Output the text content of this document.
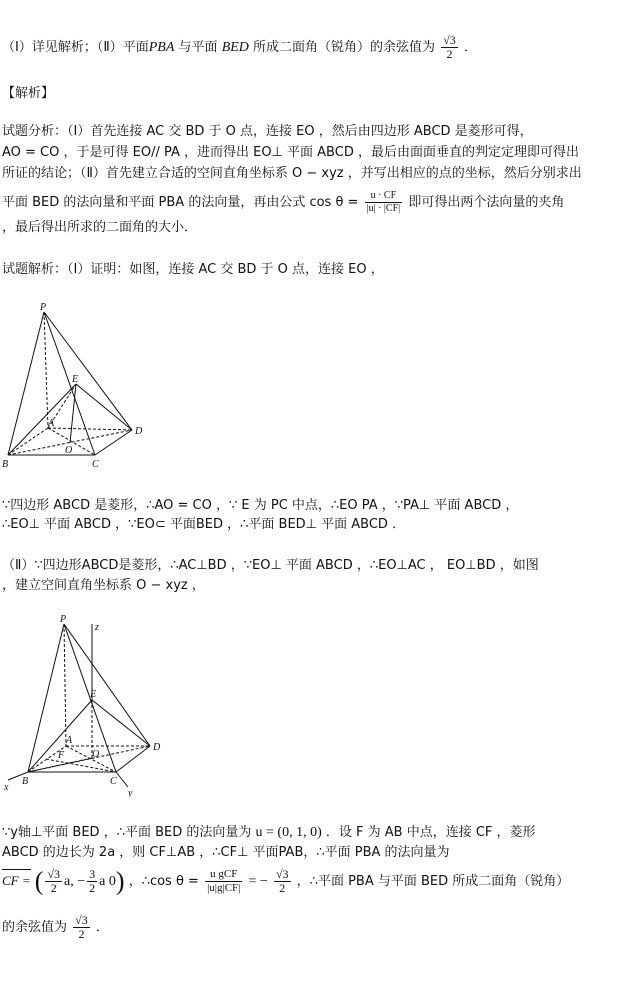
（Ⅰ）详见解析；（Ⅱ）平面PBA 与平面 BED 所成二面角（锐角）的余弦值为 $\frac{√3}{2}$ ．
【解析】
试题分析：（Ⅰ）首先连接 AC 交 BD 于 O 点，连接 EO ，然后由四边形 ABCD 是菱形可得，
AO = CO ，于是可得 EO// PA ，进而得出 EO⊥ 平面 ABCD ，最后由面面垂直的判定定理即可得出
所证的结论；（Ⅱ）首先建立合适的空间直角坐标系 O − xyz ，并写出相应的点的坐标，然后分别求出
平面 BED 的法向量和平面 PBA 的法向量，再由公式 $\cos \theta = \frac{u \cdot CF}{|u| \cdot |CF|}$ 即可得出两个法向量的夹角
，最后得出所求的二面角的大小．
试题解析：（Ⅰ）证明：如图，连接 AC 交 BD 于 O 点，连接 EO ，
P
E
A
O
B	C
D
∵四边形 ABCD 是菱形，∴AO = CO ，∵ E 为 PC 中点，∴EO PA ，∵PA⊥ 平面 ABCD ，
∴EO⊥ 平面 ABCD ，∵EO⊂ 平面BED ，∴平面 BED⊥ 平面 ABCD ．
（Ⅱ）∵四边形ABCD是菱形，∴AC⊥BD ，∵EO⊥ 平面 ABCD ，∴EO⊥AC ， EO⊥BD ，如图
，建立空间直角坐标系 O − xyz ，
P
z
E
A
F	O
D
B	C
x
y
∵y轴⊥平面 BED ，∴平面 BED 的法向量为 u = (0, 1, 0) ．设 F 为 AB 中点，连接 CF ，菱形
ABCD 的边长为 2a ，则 CF⊥AB ，∴CF⊥ 平面PAB，∴平面 PBA 的法向量为
CF = ( $\frac{√3}{2} a$, − $\frac{3}{2}$ a 0) ，∴cos $\theta = \frac{\text{u gCF}}{|u|g|CF|}$ = − $\frac{√3}{2}$ ，∴平面 PBA 与平面 BED 所成二面角（锐角）
的余弦值为 $\frac{√3}{2}$ ．
